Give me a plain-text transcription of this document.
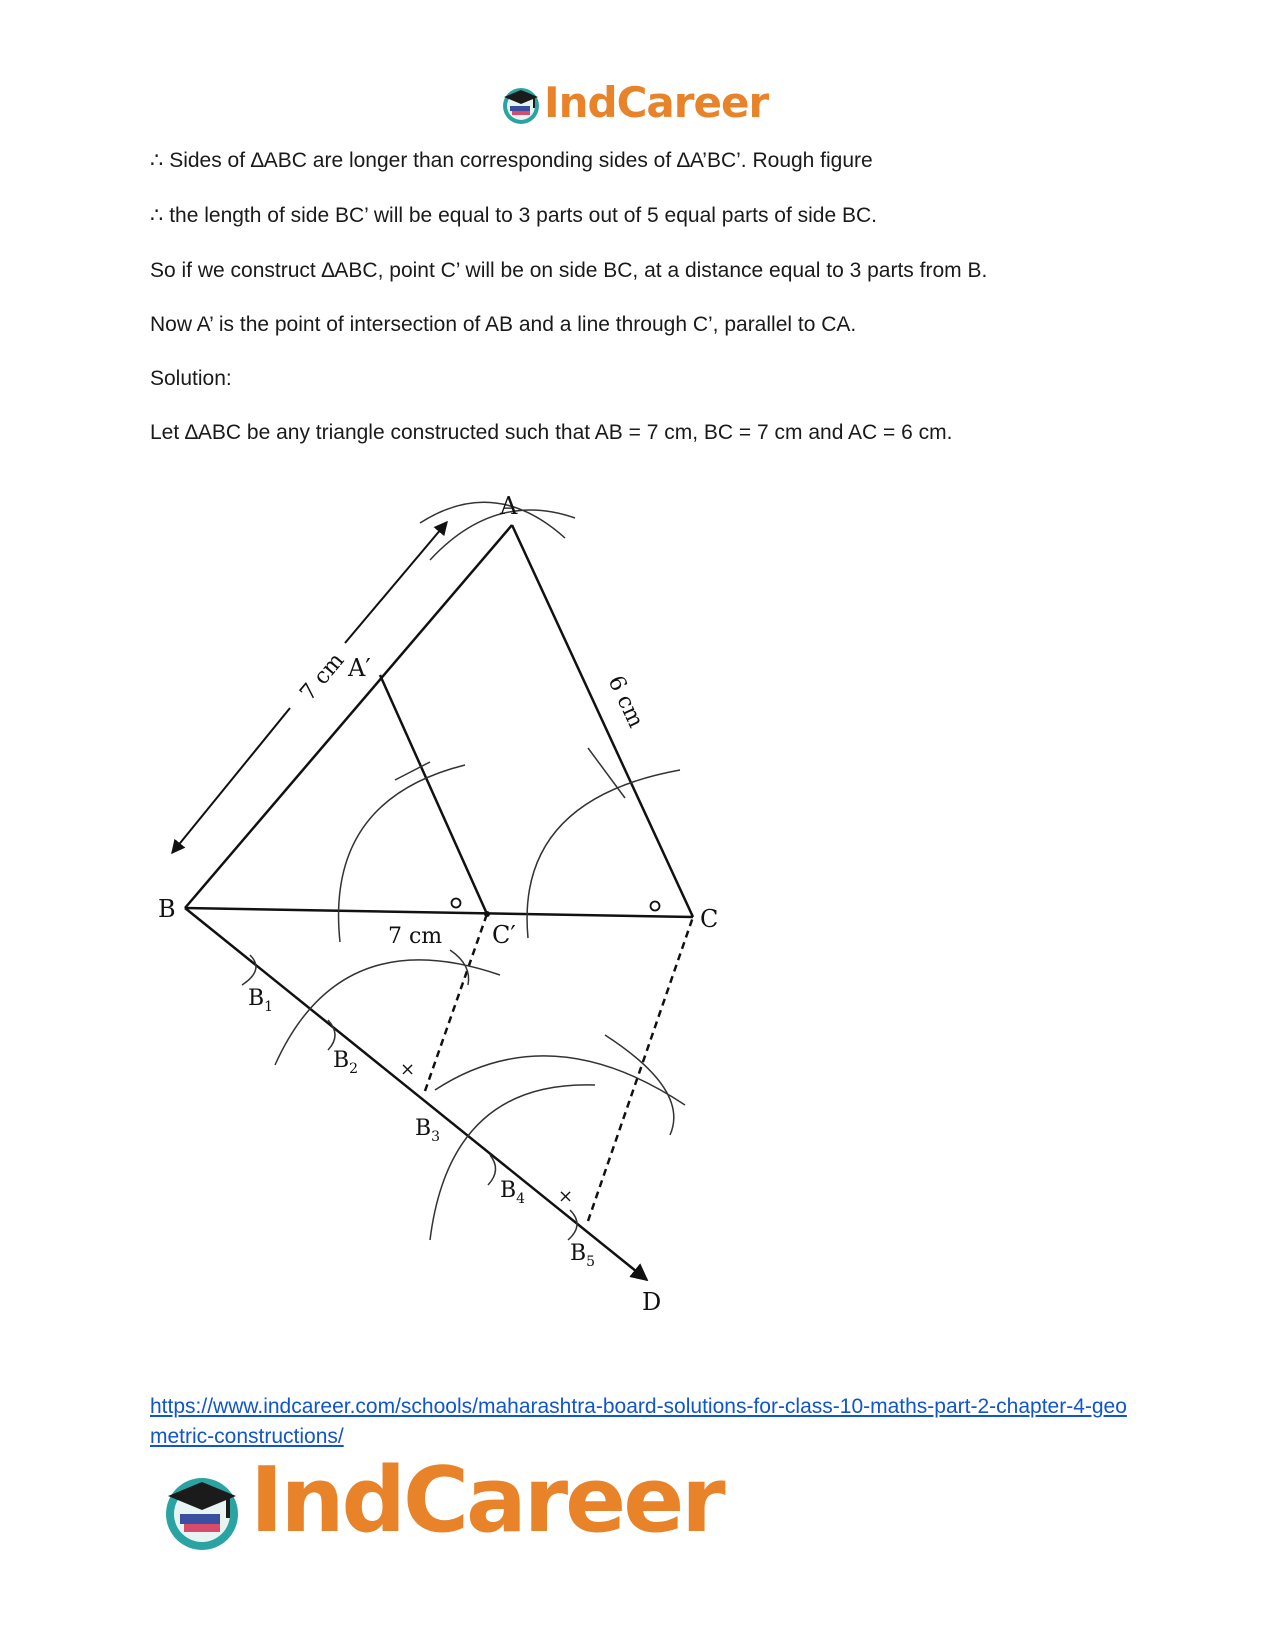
IndCareer

∴ Sides of ∆ABC are longer than corresponding sides of ∆A’BC’. Rough figure

∴ the length of side BC’ will be equal to 3 parts out of 5 equal parts of side BC.

So if we construct ∆ABC, point C’ will be on side BC, at a distance equal to 3 parts from B.

Now A’ is the point of intersection of AB and a line through C’, parallel to CA.

Solution:

Let ∆ABC be any triangle constructed such that AB = 7 cm, BC = 7 cm and AC = 6 cm.

×
×
A
A′
B	C
C′
D
$B_1$
$B_2$
$B_3$
$B_4$
$B_5$
7 cm
7 cm
6 cm
https://www.indcareer.com/schools/maharashtra-board-solutions-for-class-10-maths-part-2-chapter-4-geometric-constructions/
IndCareer
